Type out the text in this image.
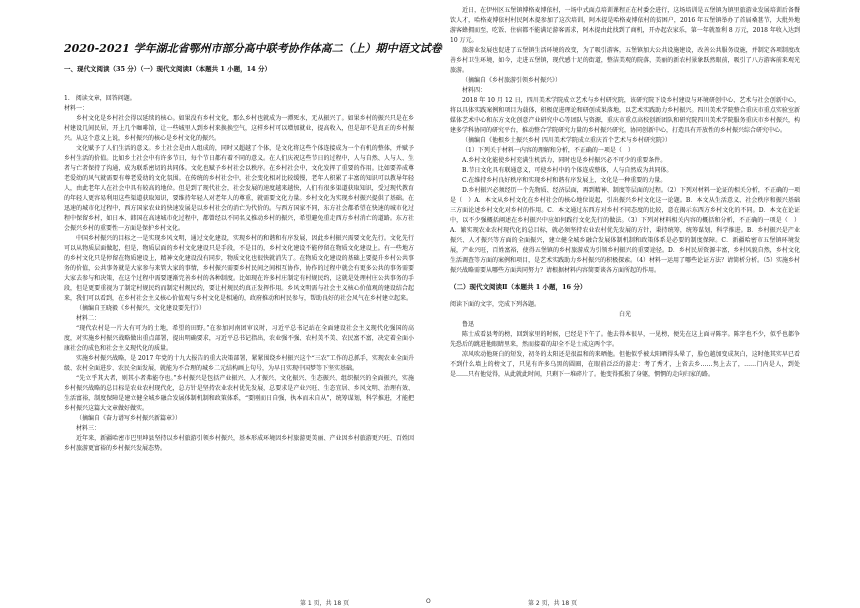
2020-2021 学年湖北省鄂州市部分高中联考协作体高二（上）期中语文试卷
一、现代文阅读（35 分）（一）现代文阅读Ⅰ（本题共 1 小题，14 分）

1.　阅读文章，回答问题。

材料一：

乡村文化是乡村社会得以延续的核心。如果没有乡村文化，那么乡村也就成为一潭死水，无从振兴了。如果乡村的振兴只是在乡村建设几间民居，开上几个咖啡馆，让一些城里人到乡村来换换空气，这样乡村可以增加就业，提高收入，但是却不是真正的乡村振兴。从这个意义上说，乡村振兴的核心是乡村文化的振兴。

文化赋予了人们生活的意义。乡土社会是由人组成的，同时又超越了个体，是文化将这些个体连接成为一个有机的整体，并赋予乡村生活的价值。比如乡土社会中有许多节日，每个节日都有着不同的意义。在人们庆祝这些节日的过程中，人与自然、人与人、生者与亡者保持了沟通，成为联系密切的共同体。文化也赋予乡村社会以秩序。在乡村社会中，文化发挥了重要的作用。比如要养成尊老爱幼的风气就需要有尊老爱幼的文化氛围。在传统的乡村社会中，社会变化相对比较缓慢，老年人积累了丰富的知识可以教导年轻人，由此老年人在社会中具有较高的地位。但是到了现代社会，社会发展的速度越来越快，人们有很多渠道获取知识，受过现代教育的年轻人更容易利用这些渠道获取知识，要维持年轻人对老年人的尊重，就需要文化力量。乡村文化为实现乡村振兴提供了基础。在迅速的城市化过程中，西方国家农业的快速发展是以乡村社会的消亡为代价的。与西方国家不同，东方社会都希望在快速的城市化过程中保留乡村，如日本、韩国在高速城市化过程中，都曾经以不同名义推动乡村的振兴，希望避免重走西方乡村消亡的道路。东方社会振兴乡村的重要性一方面是保护乡村文化。

中国乡村振兴的目标之一是实现乡风文明，通过文化建设，实现乡村的和谐和有序发展，因此乡村振兴需要文化先行。文化先行可以从物质层面做起，但是，物质层面的乡村文化建设只是手段，不是目的，乡村文化建设不能停留在物质文化建设上。有一些地方的乡村文化只是停留在物质建设上，精神文化建设没有同步，物质文化也很快就消失了。在物质文化建设的基础上要提升乡村公共事务的价值，公共事务就是大家参与来管大家的事情，乡村振兴需要乡村民间之间相互协作，协作的过程中就会有更多公共的事务需要大家去参与和决策，在这个过程中需要逐渐完善乡村的各种制度。比如现在许多村庄制定有村规民约，这就是处理村庄公共事务的手段，但是更要重视为了制定村规民约而制定村规民约，要让村规民约真正发挥作用。乡风文明需与社会主义核心价值观的建设结合起来，我们可以看到，在乡村社会主义核心价值观与乡村文化是相通的，政府推动和村民参与，帮助良好的社会风气在乡村建立起来。

（摘编自王晓毅《乡村振兴，文化建设要先行》）

材料二：

“现代农村是一片大有可为的土地，希望的田野。”在参加河南团审议时，习近平总书记站在全面建设社会主义现代化强国的高度，对实施乡村振兴战略做出重点部署，提出明确要求，习近平总书记指出，农业强不强、农村美不美、农民富不富，决定着全面小康社会的成色和社会主义现代化的质量。

实施乡村振兴战略，是 2017 年党的十九大报告的重大决策部署，紧紧围绕乡村振兴这个“三农”工作的总抓手，实现农业全面升级、农村全面进步、农民全面发展，就能为不合理的城乡二元结构画上句号，为早日实现中国梦等下坚实基础。

“先立乎其大者，则其小者弗能夺也。”乡村振兴是包括产业振兴、人才振兴、文化振兴、生态振兴、组织振兴的全面振兴，实施乡村振兴战略的总目标是农业农村现代化，总方针是坚持农业农村优先发展，总要求是产业兴旺、生态宜居、乡风文明、治理有效、生活富裕，制度保障是建立健全城乡融合发展体制机制和政策体系，“要刚而日自强，执本而末自从”，统筹谋划，科学推进，才能把乡村振兴这篇大文章做好做实。

（摘编自《奋力谱写乡村振兴新篇章》）

材料三：

近年来，新疆哈密市巴里坤县坚持以乡村旅游引领乡村振兴，基本形成环境因乡村旅游更美丽、产业因乡村旅游更兴旺、百姓因乡村旅游更富裕的乡村振兴发展态势。

近日，在伊州区五堡镇博格麦博依村，一场中式面点培训课程正在村委会进行，这场培训是五堡镇为镇里旅游业发展培训后备餐饮人才，哈格麦博依村村民阿木提参加了这次培训，阿木提是哈格麦博依村的贫困户，2016 年五堡镇举办了首届桑葚节，大批外地游客蜂拥而至，吃饭、住宿都不能满足游客需求，阿木提由此找到了商机，开办起农家乐，第一年就盈利 8 万元，2018 年收入达到 10 万元。

旅游业发展也促进了五堡镇生活环境的改变，为了吸引游客，五堡镇加大公共设施建设，改善公共服务设施，并制定各项制度改善乡村卫生环境，如今，走进五堡镇，现代感十足的街道，整洁美观的院落，美丽的新农村景象跃然眼前，吸引了八方游客前来观光旅游。

（摘编自《乡村旅游引领乡村振兴》）

材料四：

2018 年 10 月 12 日，四川美术学院成立艺术与乡村研究院，该研究院下设乡村建设与环境研创中心、艺术与社会创新中心，将以具体实践案例和项目为载体，积极促进理论和研创成果落地，以艺术实践助力乡村振兴。四川美术学院整合重庆市重点实验室新媒体艺术中心和东方文化创意产业研究中心等团队与资源，重庆市重点高校创新团队和研究院四川美术学院服务重庆市乡村振兴，构建多学科协同的研究平台，推动整合学院研究力量的乡村振兴研究，协同创新中心，打造具有开放性的乡村振兴综合研究中心。

（摘编自《他根乡土振兴乡村 四川美术学院成立重庆首个艺术与乡村研究院》）

（1）下列关于材料一内容的理解和分析，不正确的一项是（　）

A.乡村文化能使乡村充满生机活力，同时也是乡村振兴必不可少的重要条件。

B.节日文化具有联通意义，可使乡村中的个体连成整体，人与自然成为共同体。

C.在维持乡村良好秩序和实现乡村和谐有序发展上，文化是一种重要的力量。

D.乡村振兴必须经历一个先物质、经济层面，再到精神、制度等层面的过程。（2）下列对材料一论证的相关分析，不正确的一项是（　）A．本文从乡村文化在乡村社会的核心地位说起，引出振兴乡村文化这一论题。B．本文从生活意义、社会秩序和振兴基础三方面论述乡村文化对乡村的作用。C．本文通过东西方对乡村不同态度的比较，意在揭示东西方乡村文化的不同。D．本文在论证中，以不少强概括阐述在乡村振兴中应如何践行文化先行的做法。（3）下列对材料相关内容的概括和分析，不正确的一项是（　）A．繁实现农业农村现代化的总目标，就必须坚持农业农村优先发展的方针，秉持统筹，统筹谋划，科学推进。B．乡村振兴是产业振兴、人才振兴等方面的全面振兴，建立健全城乡融合发展体制机制和政策体系是必要的制度保障。C．新疆哈密市五堡镇环境发展，产业兴旺，百姓富裕，使得五堡镇的乡村旅游成为引领乡村振兴的重要途径。D．乡村民居资源丰富，乡村风貌自然，乡村文化生活调查等方面的案例和项目，是艺术实践助力乡村振兴的积极探索。（4）材料一运用了哪些论证方法？请简析分析。（5）实施乡村振兴战略需要从哪些方面共同努力？请根据材料内容简要谈各方面所起的作用。

（二）现代文阅读Ⅱ（本题共 1 小题，16 分）

阅读下面的文字，完成下列各题。

白光

鲁迅

陈士成看县考的榜，回到家里的时候，已经是下午了。他去得本很早，一见榜，便先在这上面寻陈字。陈字也不少，似乎也都争先恐后的跳进他眼睛里来，然而接着的却全不是士成这两个字。

凉风吹动他斑白的短发，初冬的太阳还是很温和的来晒他。但他似乎被太阳晒得头晕了，脸色越加变成灰白，这时他其实早已看不到什么墙上的榜文了，只见有许多乌黑的圆圈，在眼前泛泛的游走：考了秀才，上省去乡……隽上去了，……门内是人，到处是……只有他觉得，从此就此时间，只剩下一堆碎片了。他变得孤独了身躯，惘惘的走向归家的路。

第 1 页，共 18 页	O	第 2 页，共 18 页
